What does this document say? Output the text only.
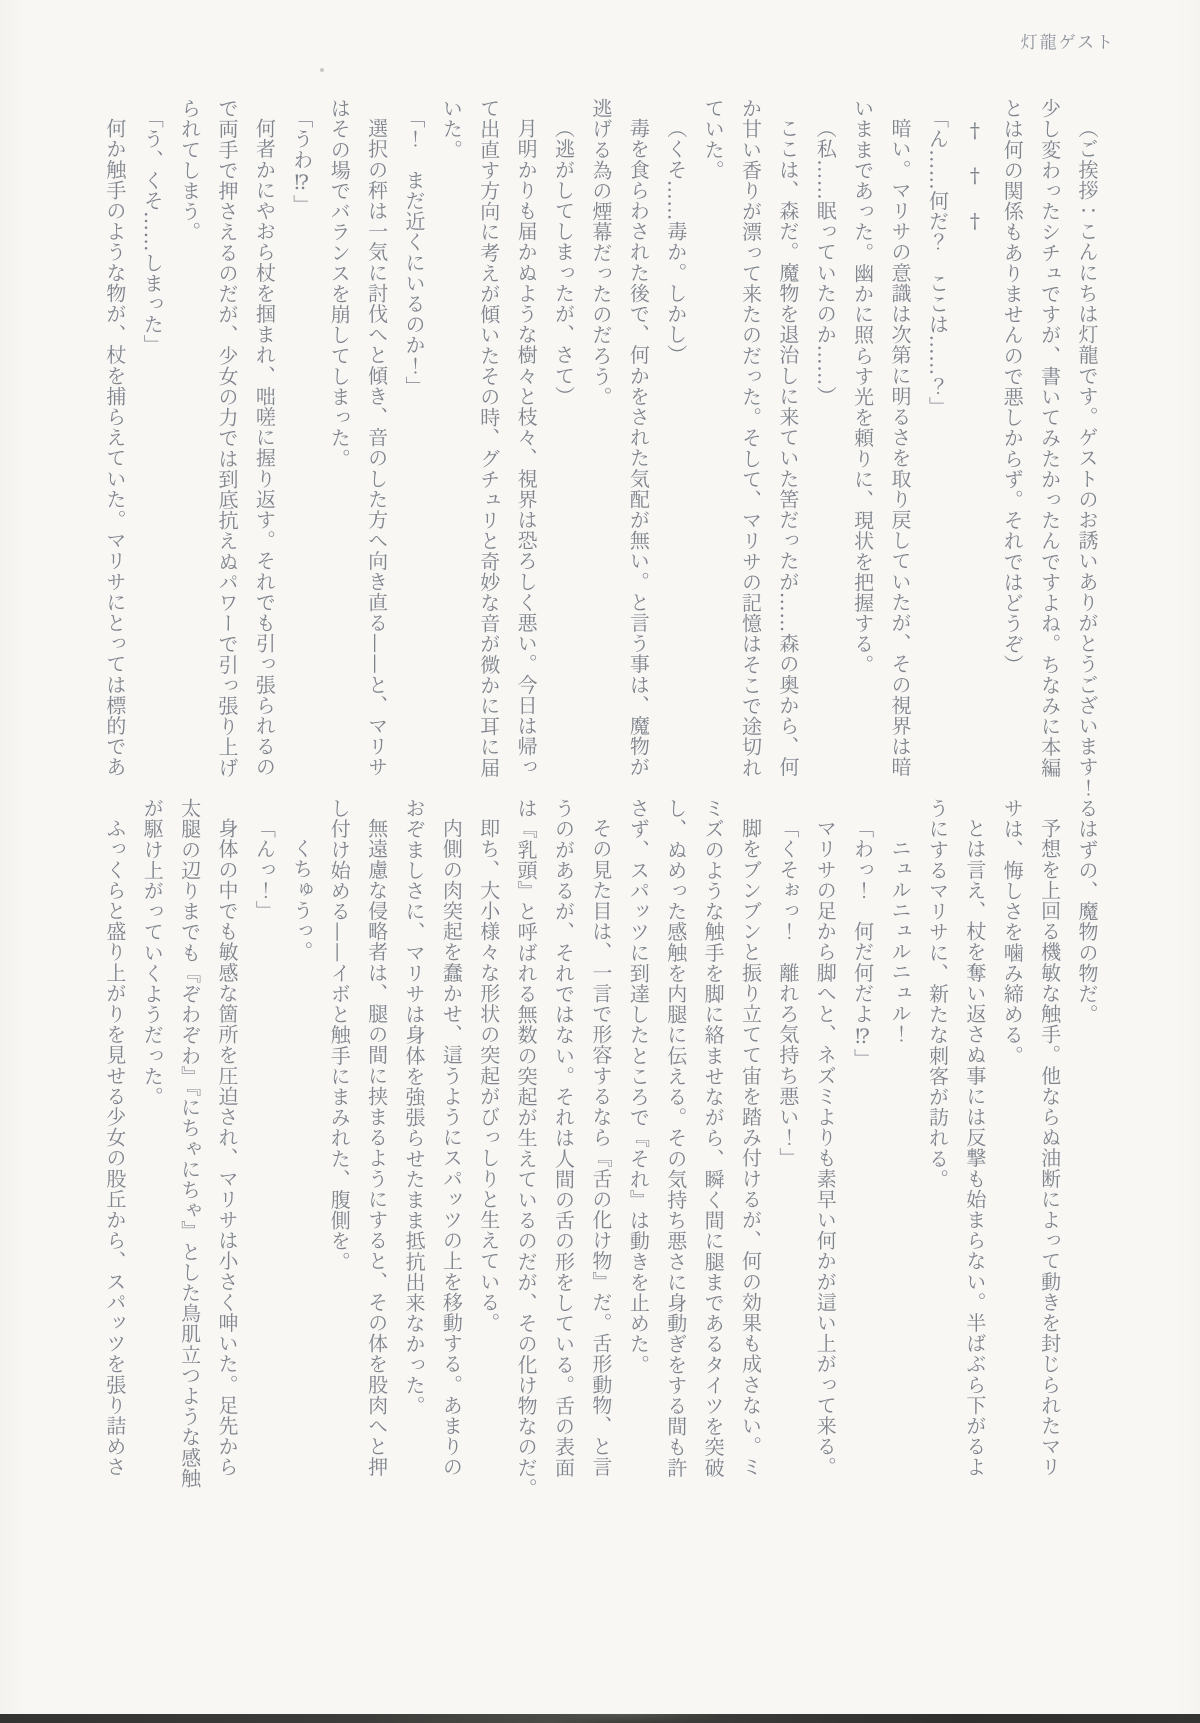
灯龍ゲスト

（ご挨拶：こんにちは灯龍です。ゲストのお誘いありがとうございます！

少し変わったシチュですが、書いてみたかったんですよね。ちなみに本編

とは何の関係もありませんので悪しからず。それではどうぞ）

†　†　†

「ん……何だ？　ここは……？」

暗い。マリサの意識は次第に明るさを取り戻していたが、その視界は暗

いままであった。幽かに照らす光を頼りに、現状を把握する。

（私……眠っていたのか……）

ここは、森だ。魔物を退治しに来ていた筈だったが……森の奥から、何

か甘い香りが漂って来たのだった。そして、マリサの記憶はそこで途切れ

ていた。

（くそ……毒か。しかし）

毒を食らわされた後で、何かをされた気配が無い。と言う事は、魔物が

逃げる為の煙幕だったのだろう。

（逃がしてしまったが、さて）

月明かりも届かぬような樹々と枝々、視界は恐ろしく悪い。今日は帰っ

て出直す方向に考えが傾いたその時、グチュリと奇妙な音が微かに耳に届

いた。

「！　まだ近くにいるのか！」

選択の秤は一気に討伐へと傾き、音のした方へ向き直る——と、マリサ

はその場でバランスを崩してしまった。

「うわ⁉」

何者かにやおら杖を掴まれ、咄嗟に握り返す。それでも引っ張られるの

で両手で押さえるのだが、少女の力では到底抗えぬパワーで引っ張り上げ

られてしまう。

「う、くそ……しまった」

何か触手のような物が、杖を捕らえていた。マリサにとっては標的であ

るはずの、魔物の物だ。

予想を上回る機敏な触手。他ならぬ油断によって動きを封じられたマリ

サは、悔しさを噛み締める。

とは言え、杖を奪い返さぬ事には反撃も始まらない。半ばぶら下がるよ

うにするマリサに、新たな刺客が訪れる。

ニュルニュルニュル！

「わっ！　何だ何だよ⁉」

マリサの足から脚へと、ネズミよりも素早い何かが這い上がって来る。

「くそぉっ！　離れろ気持ち悪い！」

脚をブンブンと振り立てて宙を踏み付けるが、何の効果も成さない。ミ

ミズのような触手を脚に絡ませながら、瞬く間に腿まであるタイツを突破

し、ぬめった感触を内腿に伝える。その気持ち悪さに身動ぎをする間も許

さず、スパッツに到達したところで『それ』は動きを止めた。

その見た目は、一言で形容するなら『舌の化け物』だ。舌形動物、と言

うのがあるが、それではない。それは人間の舌の形をしている。舌の表面

は『乳頭』と呼ばれる無数の突起が生えているのだが、その化け物なのだ。

即ち、大小様々な形状の突起がびっしりと生えている。

内側の肉突起を蠢かせ、這うようにスパッツの上を移動する。あまりの

おぞましさに、マリサは身体を強張らせたまま抵抗出来なかった。

無遠慮な侵略者は、腿の間に挟まるようにすると、その体を股肉へと押

し付け始める——イボと触手にまみれた、腹側を。

くちゅうっ。

「んっ！」

身体の中でも敏感な箇所を圧迫され、マリサは小さく呻いた。足先から

太腿の辺りまでも『ぞわぞわ』『にちゃにちゃ』とした鳥肌立つような感触

が駆け上がっていくようだった。

ふっくらと盛り上がりを見せる少女の股丘から、スパッツを張り詰めさ
